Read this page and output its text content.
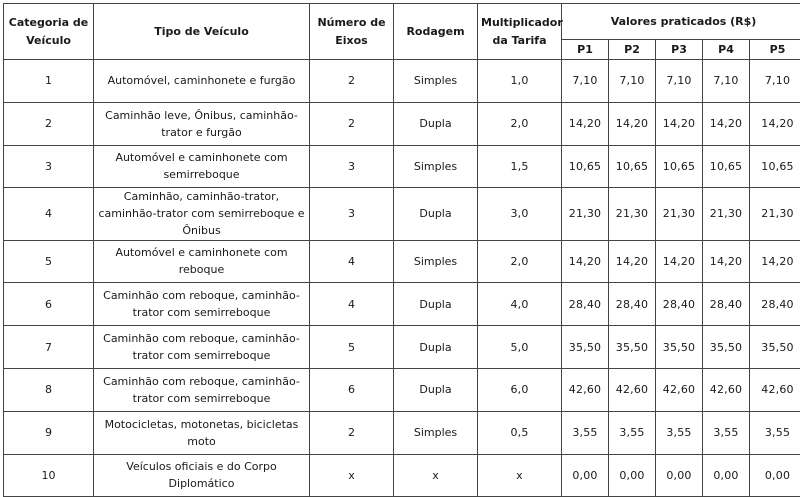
Categoria de Veículo	Tipo de Veículo	Número de Eixos	Rodagem	Multiplicador da Tarifa	Valores praticados (R$)				
					P1	P2	P3	P4	P5
1	Automóvel, caminhonete e furgão	2	Simples	1,0	7,10	7,10	7,10	7,10	7,10
2	Caminhão leve, Ônibus, caminhão-trator e furgão	2	Dupla	2,0	14,20	14,20	14,20	14,20	14,20
3	Automóvel e caminhonete com semirreboque	3	Simples	1,5	10,65	10,65	10,65	10,65	10,65
4	Caminhão, caminhão-trator, caminhão-trator com semirreboque e Ônibus	3	Dupla	3,0	21,30	21,30	21,30	21,30	21,30
5	Automóvel e caminhonete com reboque	4	Simples	2,0	14,20	14,20	14,20	14,20	14,20
6	Caminhão com reboque, caminhão-trator com semirreboque	4	Dupla	4,0	28,40	28,40	28,40	28,40	28,40
7	Caminhão com reboque, caminhão-trator com semirreboque	5	Dupla	5,0	35,50	35,50	35,50	35,50	35,50
8	Caminhão com reboque, caminhão-trator com semirreboque	6	Dupla	6,0	42,60	42,60	42,60	42,60	42,60
9	Motocicletas, motonetas, bicicletas moto	2	Simples	0,5	3,55	3,55	3,55	3,55	3,55
10	Veículos oficiais e do Corpo Diplomático	x	x	x	0,00	0,00	0,00	0,00	0,00
